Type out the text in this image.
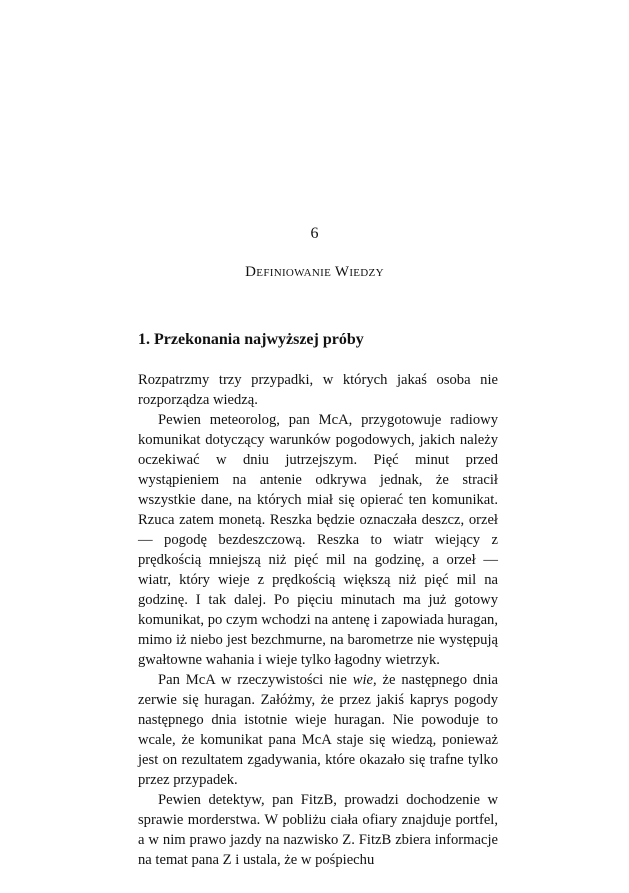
6
Definiowanie Wiedzy
1. Przekonania najwyższej próby

Rozpatrzmy trzy przypadki, w których jakaś osoba nie rozporządza wiedzą.

Pewien meteorolog, pan McA, przygotowuje radiowy komunikat dotyczący warunków pogodowych, jakich należy oczekiwać w dniu jutrzejszym. Pięć minut przed wystąpieniem na antenie odkrywa jednak, że stracił wszystkie dane, na których miał się opierać ten komunikat. Rzuca zatem monetą. Reszka będzie oznaczała deszcz, orzeł — pogodę bezdeszczową. Reszka to wiatr wiejący z prędkością mniejszą niż pięć mil na godzinę, a orzeł — wiatr, który wieje z prędkością większą niż pięć mil na godzinę. I tak dalej. Po pięciu minutach ma już gotowy komunikat, po czym wchodzi na antenę i zapowiada huragan, mimo iż niebo jest bezchmurne, na barometrze nie występują gwałtowne wahania i wieje tylko łagodny wietrzyk.

Pan McA w rzeczywistości nie wie, że następnego dnia zerwie się huragan. Załóżmy, że przez jakiś kaprys pogody następnego dnia istotnie wieje huragan. Nie powoduje to wcale, że komunikat pana McA staje się wiedzą, ponieważ jest on rezultatem zgadywania, które okazało się trafne tylko przez przypadek.

Pewien detektyw, pan FitzB, prowadzi dochodzenie w sprawie morderstwa. W pobliżu ciała ofiary znajduje portfel, a w nim prawo jazdy na nazwisko Z. FitzB zbiera informacje na temat pana Z i ustala, że w pośpiechu
